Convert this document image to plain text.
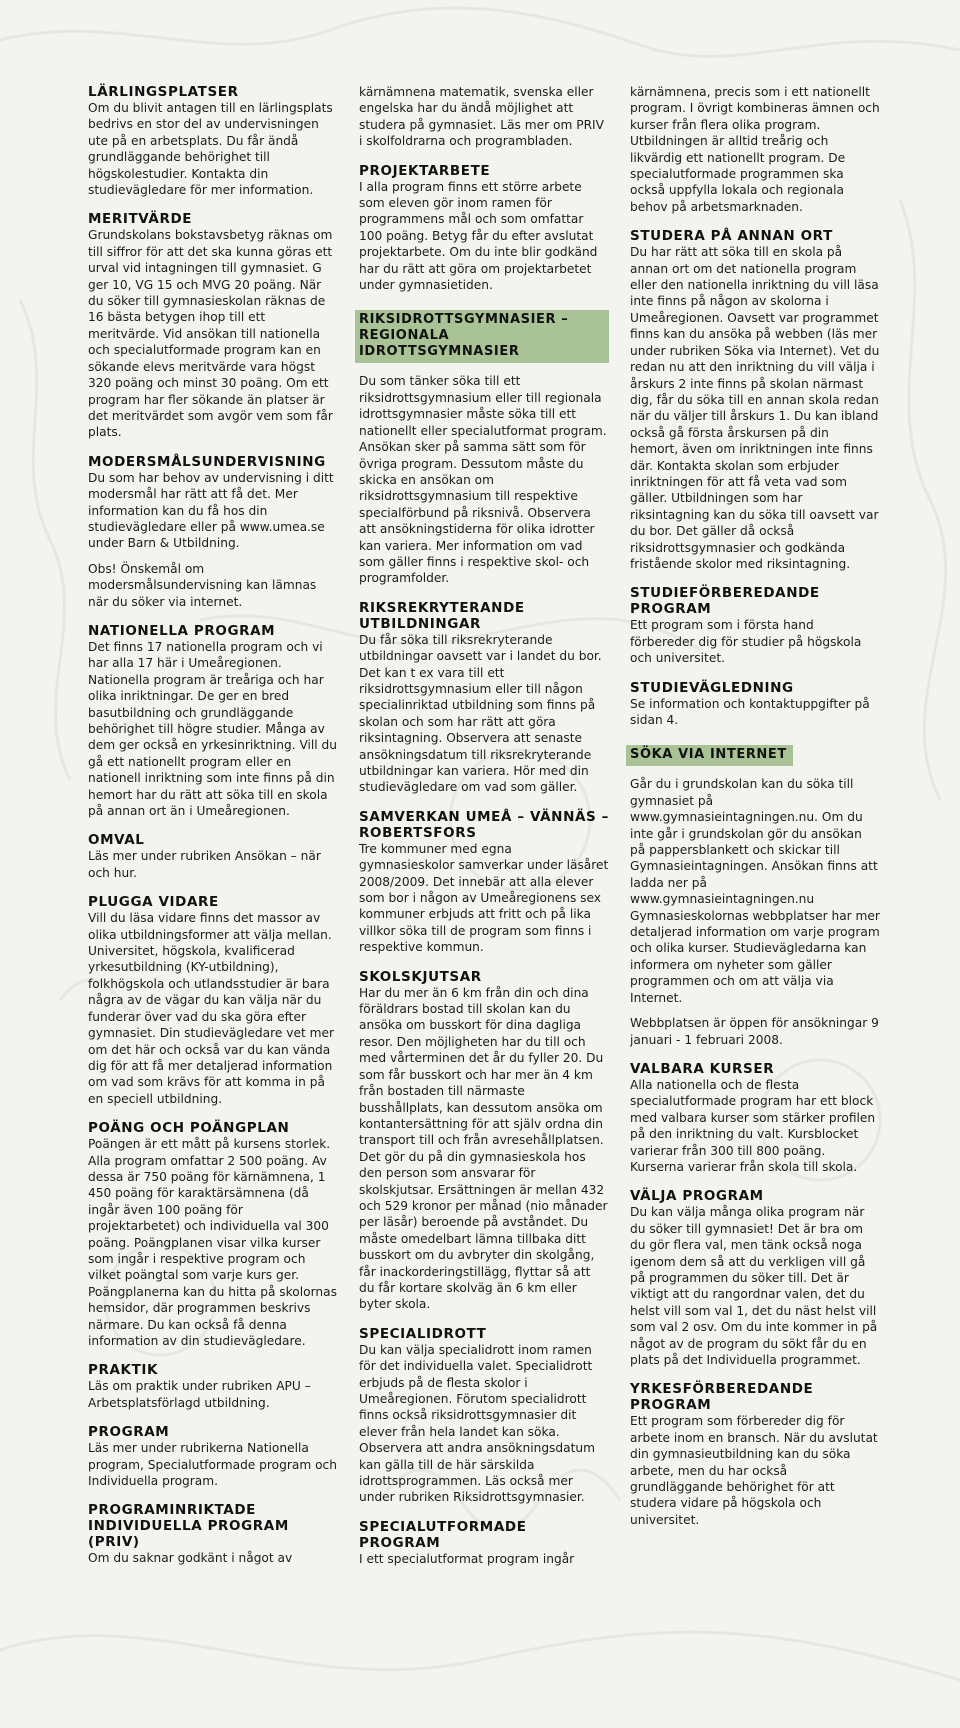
LÄRLINGSPLATSER

Om du blivit antagen till en lärlingsplats bedrivs en stor del av undervisningen ute på en arbetsplats. Du får ändå grundläggande behörighet till högskolestudier. Kontakta din studievägledare för mer information.

MERITVÄRDE

Grundskolans bokstavsbetyg räknas om till siffror för att det ska kunna göras ett urval vid intagningen till gymnasiet. G ger 10, VG 15 och MVG 20 poäng. När du söker till gymnasieskolan räknas de 16 bästa betygen ihop till ett meritvärde. Vid ansökan till nationella och specialutformade program kan en sökande elevs meritvärde vara högst 320 poäng och minst 30 poäng. Om ett program har fler sökande än platser är det meritvärdet som avgör vem som får plats.

MODERSMÅLSUNDERVISNING

Du som har behov av undervisning i ditt modersmål har rätt att få det. Mer information kan du få hos din studievägledare eller på www.umea.se under Barn & Utbildning.

Obs! Önskemål om modersmålsundervisning kan lämnas när du söker via internet.

NATIONELLA PROGRAM

Det finns 17 nationella program och vi har alla 17 här i Umeåregionen. Nationella program är treåriga och har olika inriktningar. De ger en bred basutbildning och grundläggande behörighet till högre studier. Många av dem ger också en yrkesinriktning. Vill du gå ett nationellt program eller en nationell inriktning som inte finns på din hemort har du rätt att söka till en skola på annan ort än i Umeåregionen.

OMVAL

Läs mer under rubriken Ansökan – när och hur.

PLUGGA VIDARE

Vill du läsa vidare finns det massor av olika utbildningsformer att välja mellan. Universitet, högskola, kvalificerad yrkesutbildning (KY-utbildning), folkhögskola och utlandsstudier är bara några av de vägar du kan välja när du funderar över vad du ska göra efter gymnasiet. Din studievägledare vet mer om det här och också var du kan vända dig för att få mer detaljerad information om vad som krävs för att komma in på en speciell utbildning.

POÄNG OCH POÄNGPLAN

Poängen är ett mått på kursens storlek. Alla program omfattar 2 500 poäng. Av dessa är 750 poäng för kärnämnena, 1 450 poäng för karaktärsämnena (då ingår även 100 poäng för projektarbetet) och individuella val 300 poäng. Poängplanen visar vilka kurser som ingår i respektive program och vilket poängtal som varje kurs ger. Poängplanerna kan du hitta på skolornas hemsidor, där programmen beskrivs närmare. Du kan också få denna information av din studievägledare.

PRAKTIK

Läs om praktik under rubriken APU – Arbetsplatsförlagd utbildning.

PROGRAM

Läs mer under rubrikerna Nationella program, Specialutformade program och Individuella program.

PROGRAMINRIKTADE INDIVIDUELLA PROGRAM (PRIV)

Om du saknar godkänt i något av

kärnämnena matematik, svenska eller engelska har du ändå möjlighet att studera på gymnasiet. Läs mer om PRIV i skolfoldrarna och programbladen.

PROJEKTARBETE

I alla program finns ett större arbete som eleven gör inom ramen för programmens mål och som omfattar 100 poäng. Betyg får du efter avslutat projektarbete. Om du inte blir godkänd har du rätt att göra om projektarbetet under gymnasietiden.

RIKSIDROTTSGYMNASIER – REGIONALA IDROTTSGYMNASIER

Du som tänker söka till ett riksidrottsgymnasium eller till regionala idrottsgymnasier måste söka till ett nationellt eller specialutformat program. Ansökan sker på samma sätt som för övriga program. Dessutom måste du skicka en ansökan om riksidrottsgymnasium till respektive specialförbund på riksnivå. Observera att ansökningstiderna för olika idrotter kan variera. Mer information om vad som gäller finns i respektive skol- och programfolder.

RIKSREKRYTERANDE UTBILDNINGAR

Du får söka till riksrekryterande utbildningar oavsett var i landet du bor. Det kan t ex vara till ett riksidrottsgymnasium eller till någon specialinriktad utbildning som finns på skolan och som har rätt att göra riksintagning. Observera att senaste ansökningsdatum till riksrekryterande utbildningar kan variera. Hör med din studievägledare om vad som gäller.

SAMVERKAN UMEÅ – VÄNNÄS – ROBERTSFORS

Tre kommuner med egna gymnasieskolor samverkar under läsåret 2008/2009. Det innebär att alla elever som bor i någon av Umeåregionens sex kommuner erbjuds att fritt och på lika villkor söka till de program som finns i respektive kommun.

SKOLSKJUTSAR

Har du mer än 6 km från din och dina föräldrars bostad till skolan kan du ansöka om busskort för dina dagliga resor. Den möjligheten har du till och med vårterminen det år du fyller 20. Du som får busskort och har mer än 4 km från bostaden till närmaste busshållplats, kan dessutom ansöka om kontantersättning för att själv ordna din transport till och från avresehållplatsen. Det gör du på din gymnasieskola hos den person som ansvarar för skolskjutsar. Ersättningen är mellan 432 och 529 kronor per månad (nio månader per läsår) beroende på avståndet. Du måste omedelbart lämna tillbaka ditt busskort om du avbryter din skolgång, får inackorderingstillägg, flyttar så att du får kortare skolväg än 6 km eller byter skola.

SPECIALIDROTT

Du kan välja specialidrott inom ramen för det individuella valet. Specialidrott erbjuds på de flesta skolor i Umeåregionen. Förutom specialidrott finns också riksidrottsgymnasier dit elever från hela landet kan söka. Observera att andra ansökningsdatum kan gälla till de här särskilda idrottsprogrammen. Läs också mer under rubriken Riksidrottsgymnasier.

SPECIALUTFORMADE PROGRAM

I ett specialutformat program ingår

kärnämnena, precis som i ett nationellt program. I övrigt kombineras ämnen och kurser från flera olika program. Utbildningen är alltid treårig och likvärdig ett nationellt program. De specialutformade programmen ska också uppfylla lokala och regionala behov på arbetsmarknaden.

STUDERA PÅ ANNAN ORT

Du har rätt att söka till en skola på annan ort om det nationella program eller den nationella inriktning du vill läsa inte finns på någon av skolorna i Umeåregionen. Oavsett var programmet finns kan du ansöka på webben (läs mer under rubriken Söka via Internet). Vet du redan nu att den inriktning du vill välja i årskurs 2 inte finns på skolan närmast dig, får du söka till en annan skola redan när du väljer till årskurs 1. Du kan ibland också gå första årskursen på din hemort, även om inriktningen inte finns där. Kontakta skolan som erbjuder inriktningen för att få veta vad som gäller. Utbildningen som har riksintagning kan du söka till oavsett var du bor. Det gäller då också riksidrottsgymnasier och godkända fristående skolor med riksintagning.

STUDIEFÖRBEREDANDE PROGRAM

Ett program som i första hand förbereder dig för studier på högskola och universitet.

STUDIEVÄGLEDNING

Se information och kontaktuppgifter på sidan 4.

SÖKA VIA INTERNET

Går du i grundskolan kan du söka till gymnasiet på www.gymnasieintagningen.nu. Om du inte går i grundskolan gör du ansökan på pappersblankett och skickar till Gymnasieintagningen. Ansökan finns att ladda ner på www.gymnasieintagningen.nu Gymnasieskolornas webbplatser har mer detaljerad information om varje program och olika kurser. Studievägledarna kan informera om nyheter som gäller programmen och om att välja via Internet.

Webbplatsen är öppen för ansökningar 9 januari - 1 februari 2008.

VALBARA KURSER

Alla nationella och de flesta specialutformade program har ett block med valbara kurser som stärker profilen på den inriktning du valt. Kursblocket varierar från 300 till 800 poäng. Kurserna varierar från skola till skola.

VÄLJA PROGRAM

Du kan välja många olika program när du söker till gymnasiet! Det är bra om du gör flera val, men tänk också noga igenom dem så att du verkligen vill gå på programmen du söker till. Det är viktigt att du rangordnar valen, det du helst vill som val 1, det du näst helst vill som val 2 osv. Om du inte kommer in på något av de program du sökt får du en plats på det Individuella programmet.

YRKESFÖRBEREDANDE PROGRAM

Ett program som förbereder dig för arbete inom en bransch. När du avslutat din gymnasieutbildning kan du söka arbete, men du har också grundläggande behörighet för att studera vidare på högskola och universitet.
